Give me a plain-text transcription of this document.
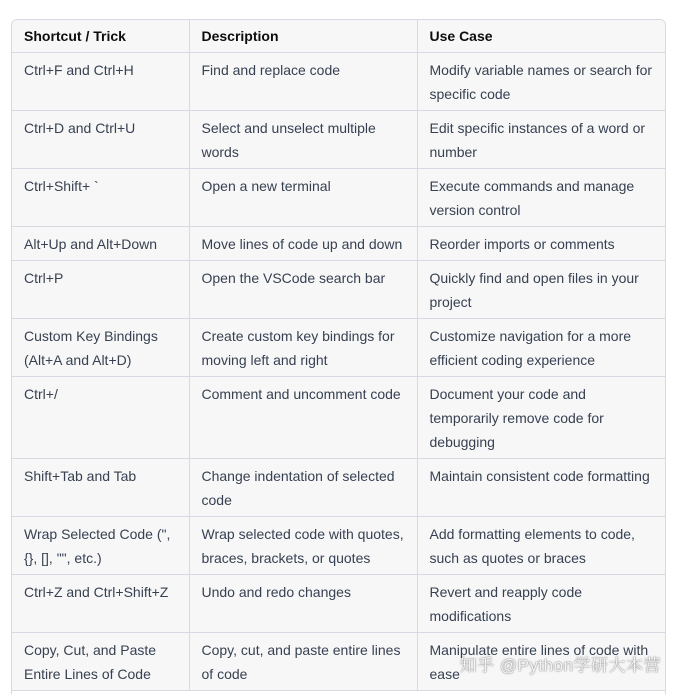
Shortcut / Trick	Description	Use Case
Ctrl+F and Ctrl+H	Find and replace code	Modify variable names or search for specific code
Ctrl+D and Ctrl+U	Select and unselect multiple words	Edit specific instances of a word or number
Ctrl+Shift+ `	Open a new terminal	Execute commands and manage version control
Alt+Up and Alt+Down	Move lines of code up and down	Reorder imports or comments
Ctrl+P	Open the VSCode search bar	Quickly find and open files in your project
Custom Key Bindings (Alt+A and Alt+D)	Create custom key bindings for moving left and right	Customize navigation for a more efficient coding experience
Ctrl+/	Comment and uncomment code	Document your code and temporarily remove code for debugging
Shift+Tab and Tab	Change indentation of selected code	Maintain consistent code formatting
Wrap Selected Code (", {}, [], "", etc.)	Wrap selected code with quotes, braces, brackets, or quotes	Add formatting elements to code, such as quotes or braces
Ctrl+Z and Ctrl+Shift+Z	Undo and redo changes	Revert and reapply code modifications
Copy, Cut, and Paste Entire Lines of Code	Copy, cut, and paste entire lines of code	Manipulate entire lines of code with ease 知乎 @Python学研大本营
